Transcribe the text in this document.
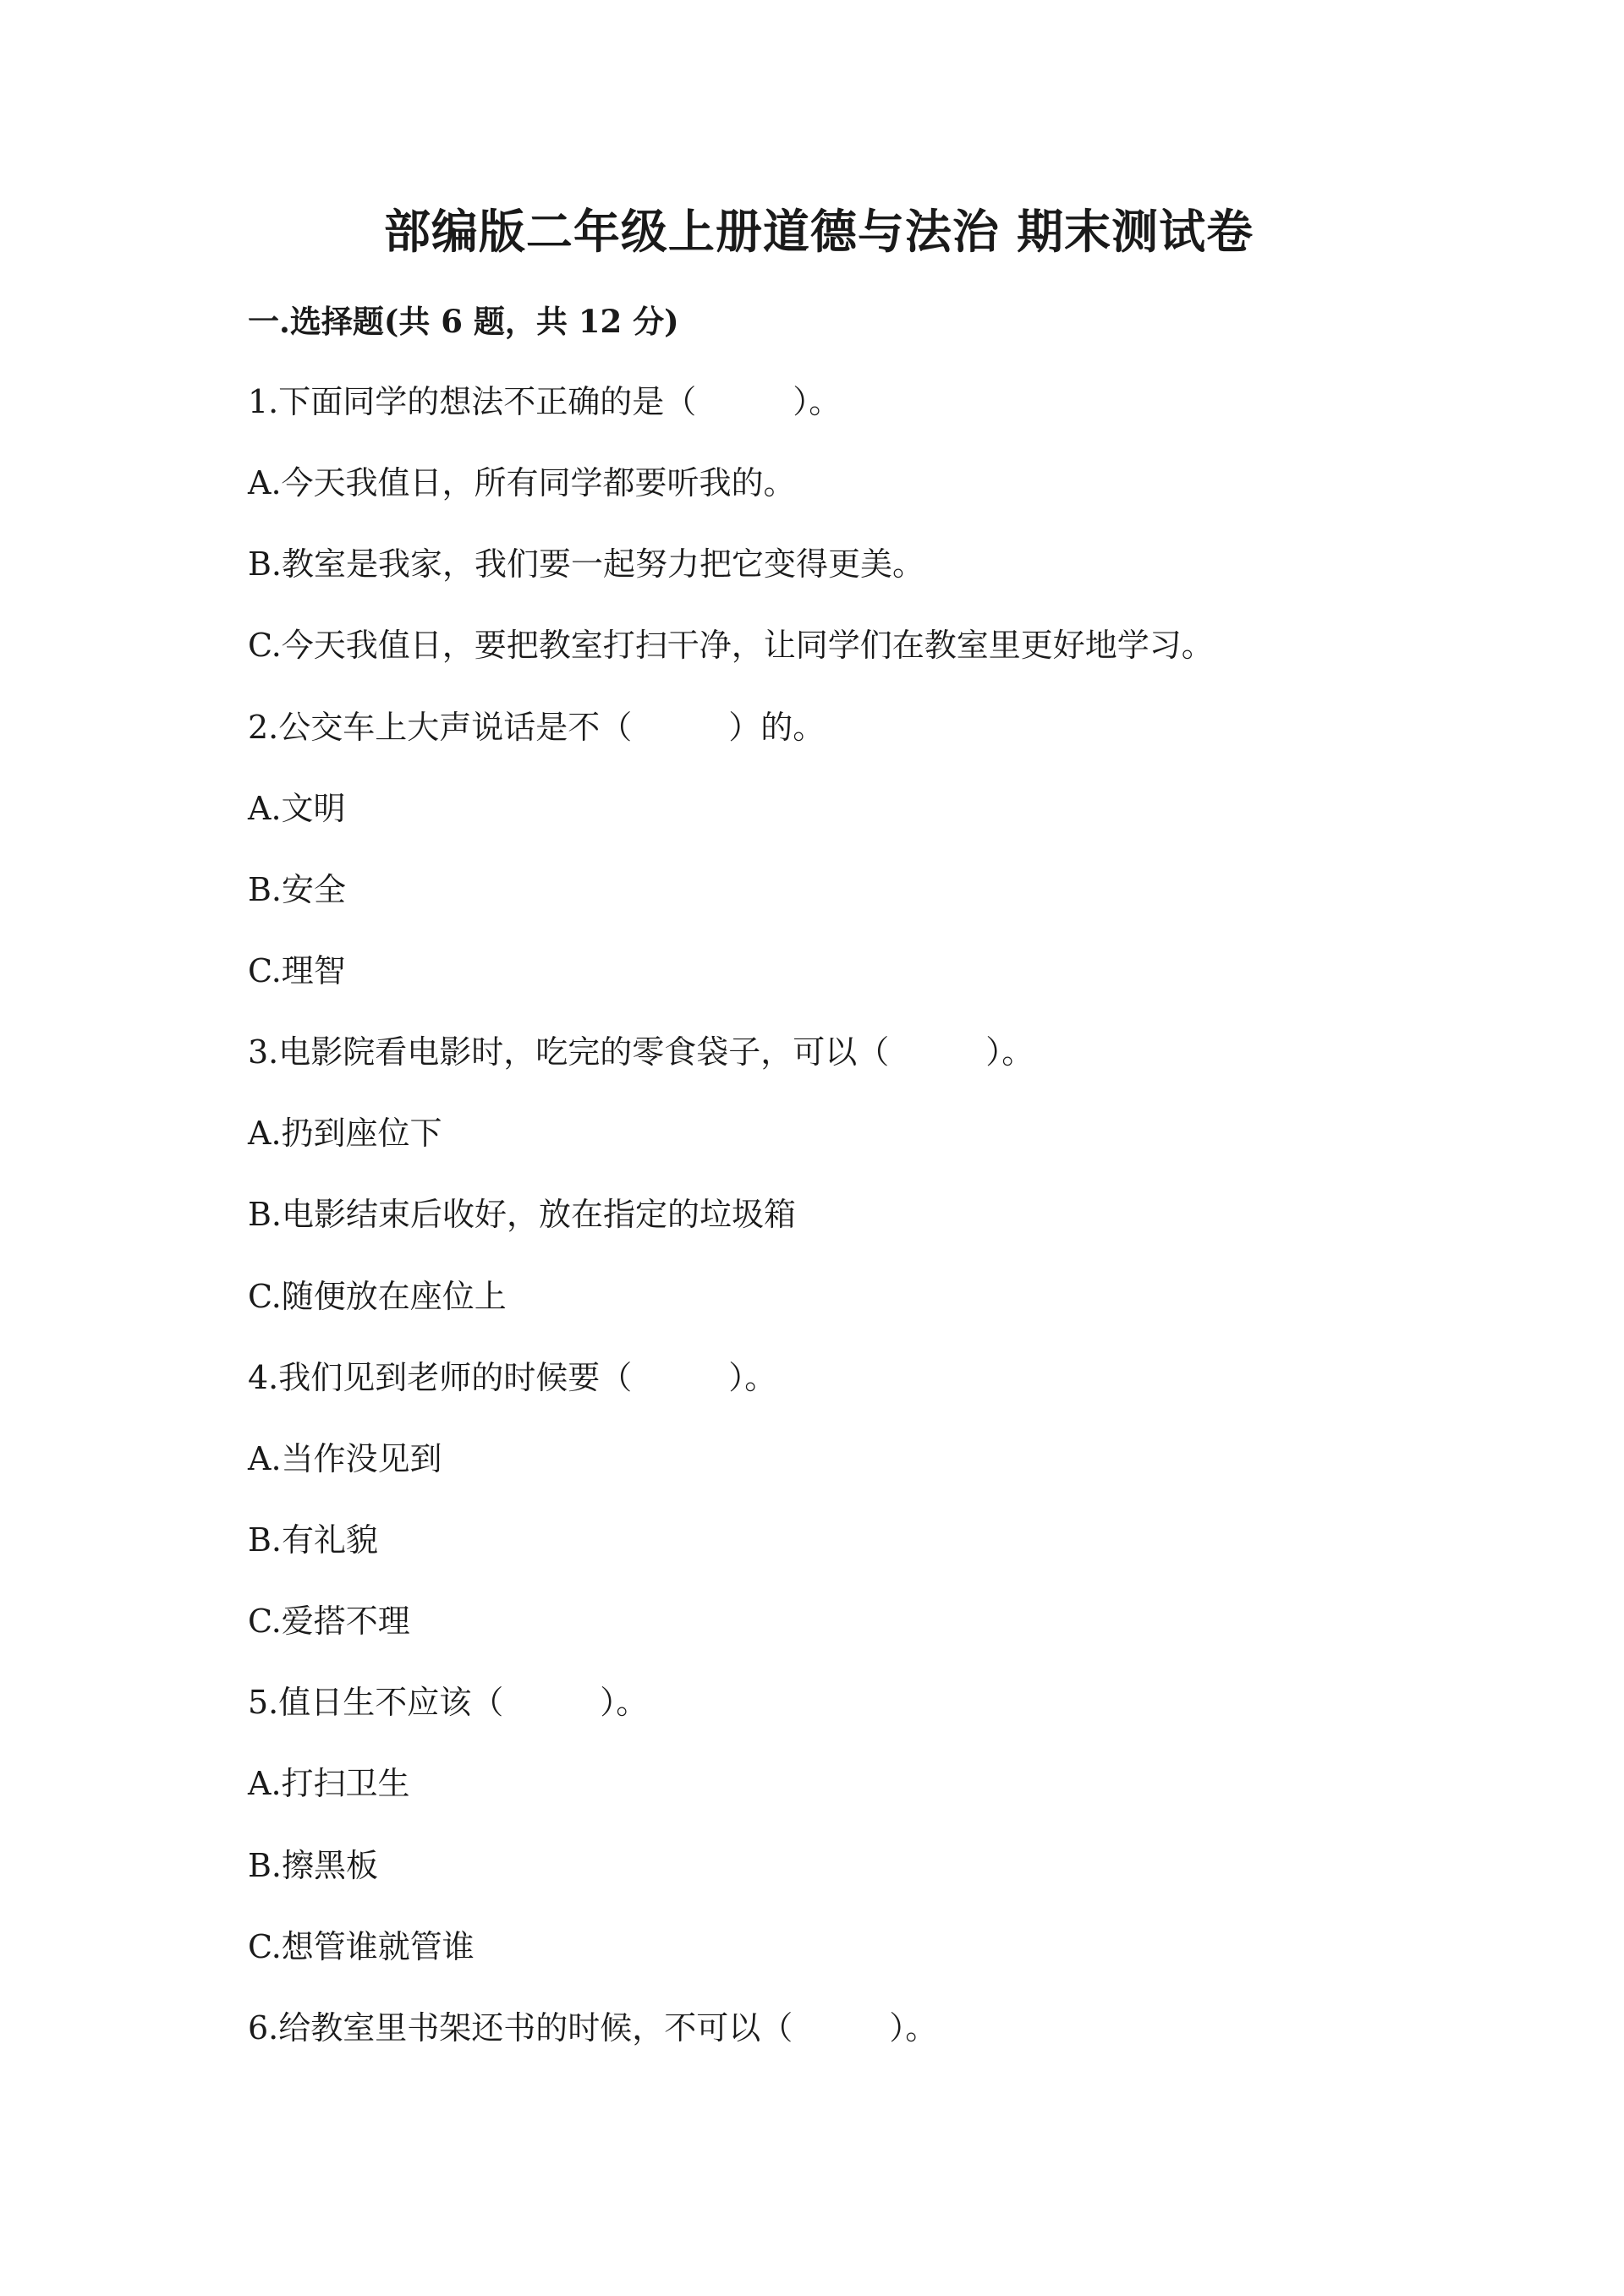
部编版二年级上册道德与法治 期末测试卷
一.选择题(共 6 题，共 12 分)
1.下面同学的想法不正确的是（　　　）。
A.今天我值日，所有同学都要听我的。
B.教室是我家，我们要一起努力把它变得更美。
C.今天我值日，要把教室打扫干净，让同学们在教室里更好地学习。
2.公交车上大声说话是不（　　　）的。
A.文明
B.安全
C.理智
3.电影院看电影时，吃完的零食袋子，可以（　　　）。
A.扔到座位下
B.电影结束后收好，放在指定的垃圾箱
C.随便放在座位上
4.我们见到老师的时候要（　　　）。
A.当作没见到
B.有礼貌
C.爱搭不理
5.值日生不应该（　　　）。
A.打扫卫生
B.擦黑板
C.想管谁就管谁
6.给教室里书架还书的时候，不可以（　　　）。
